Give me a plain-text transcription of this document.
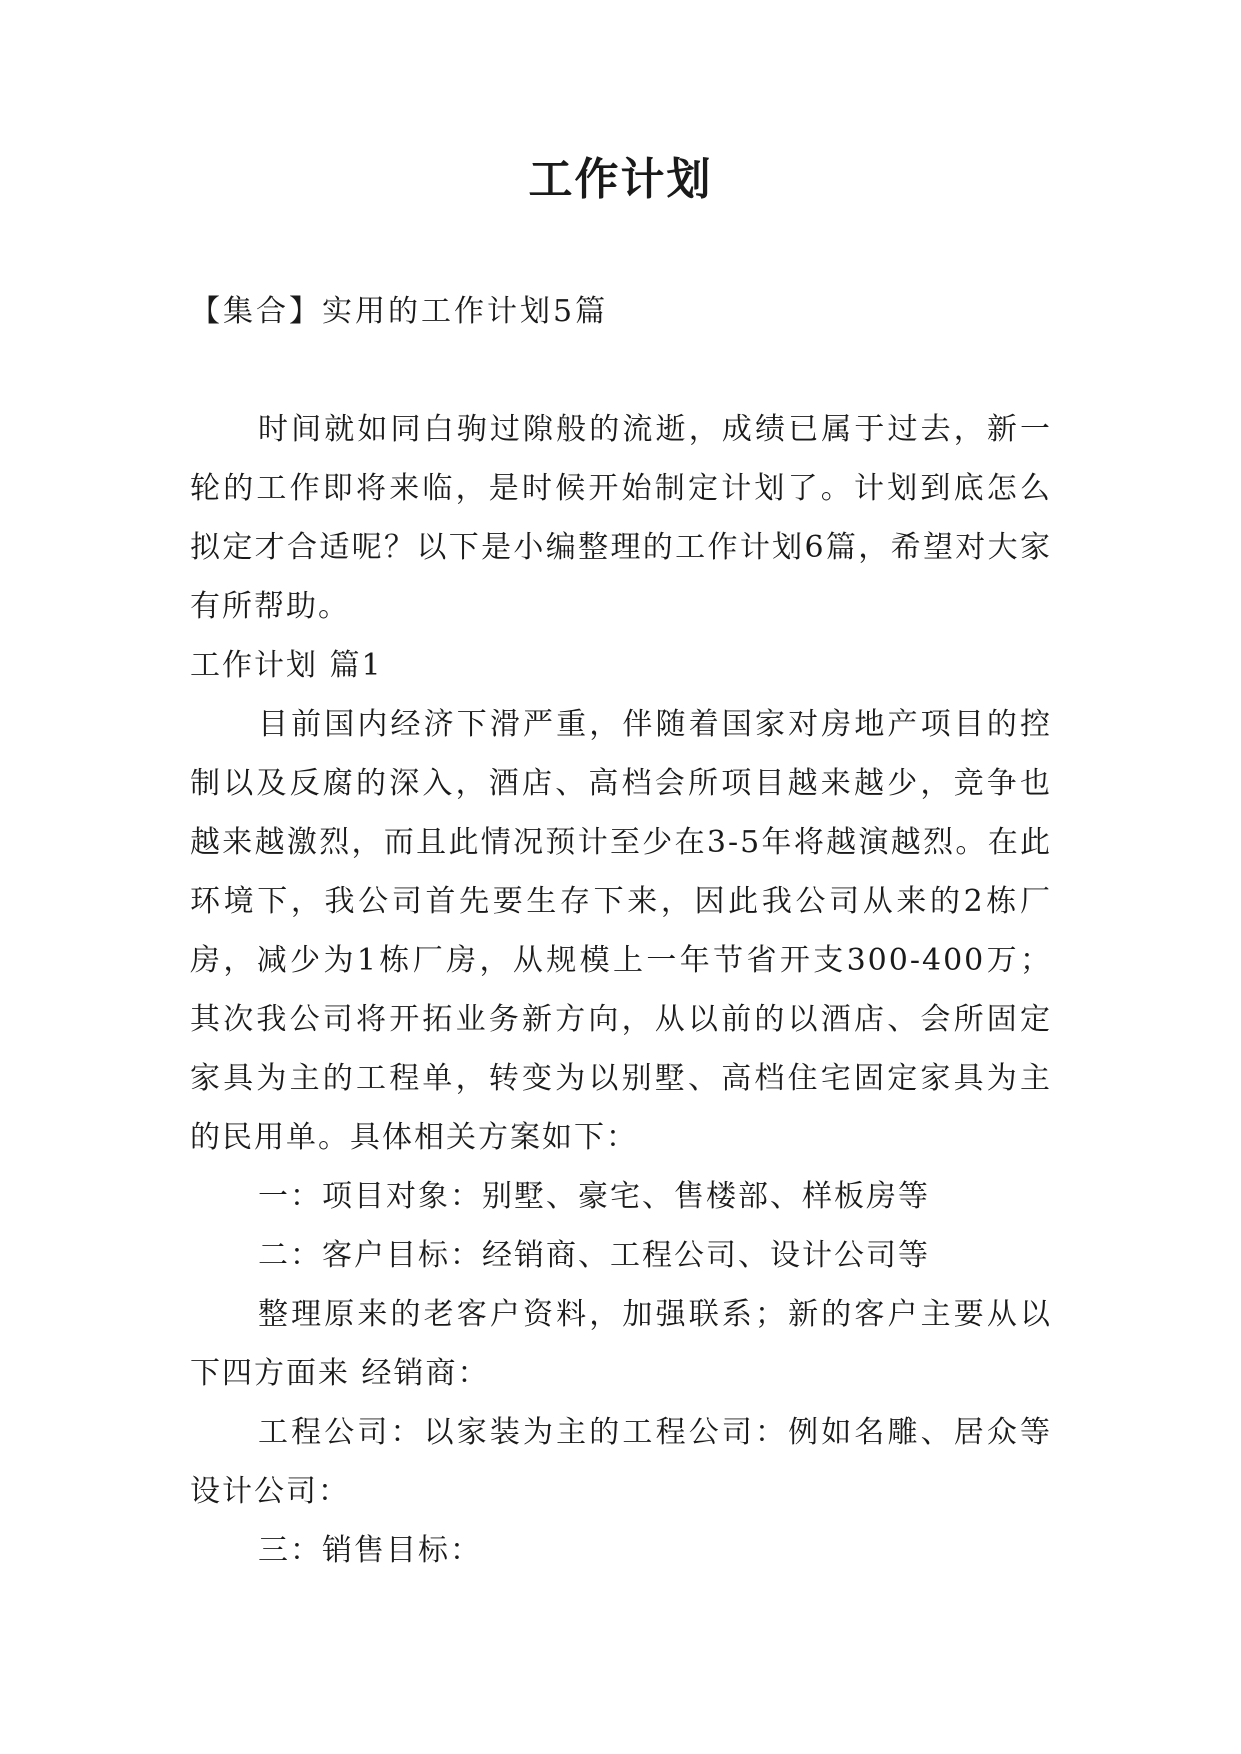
工作计划
【集合】实用的工作计划5篇

时间就如同白驹过隙般的流逝，成绩已属于过去，新一轮的工作即将来临，是时候开始制定计划了。计划到底怎么拟定才合适呢？以下是小编整理的工作计划6篇，希望对大家有所帮助。

工作计划 篇1

目前国内经济下滑严重，伴随着国家对房地产项目的控制以及反腐的深入，酒店、高档会所项目越来越少，竞争也越来越激烈，而且此情况预计至少在3-5年将越演越烈。在此环境下，我公司首先要生存下来，因此我公司从来的2栋厂房，减少为1栋厂房，从规模上一年节省开支300-400万；其次我公司将开拓业务新方向，从以前的以酒店、会所固定家具为主的工程单，转变为以别墅、高档住宅固定家具为主的民用单。具体相关方案如下：

一：项目对象：别墅、豪宅、售楼部、样板房等

二：客户目标：经销商、工程公司、设计公司等

整理原来的老客户资料，加强联系；新的客户主要从以下四方面来 经销商：

工程公司：以家装为主的工程公司：例如名雕、居众等设计公司：

三：销售目标：
